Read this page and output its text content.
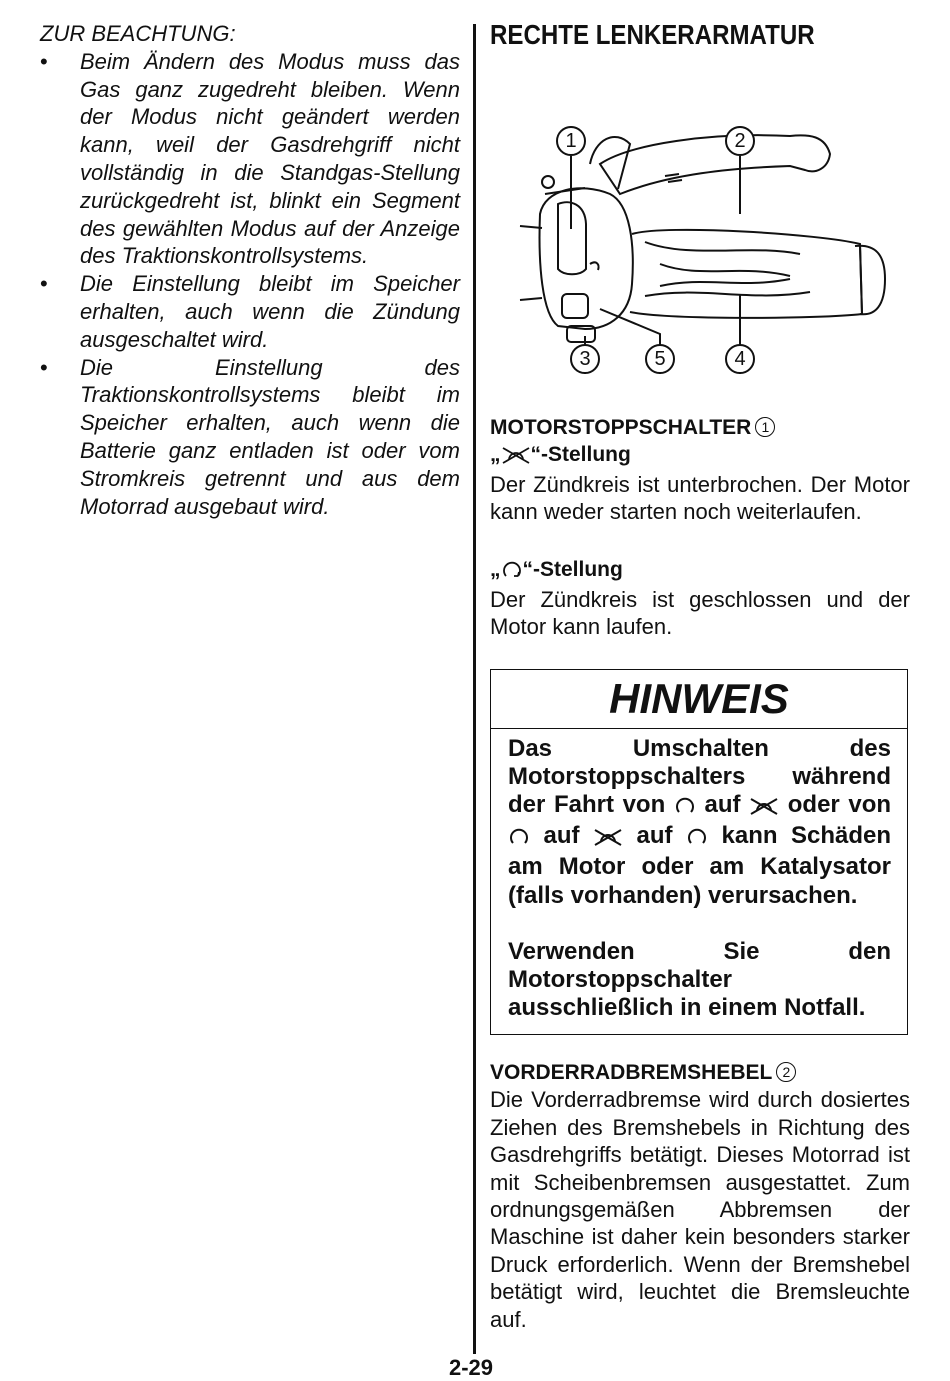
ZUR BEACHTUNG:

• Beim Ändern des Modus muss das Gas ganz zugedreht bleiben. Wenn der Modus nicht geändert werden kann, weil der Gasdrehgriff nicht vollständig in die Standgas-Stellung zurückgedreht ist, blinkt ein Segment des gewählten Modus auf der Anzeige des Traktionskontrollsystems.
• Die Einstellung bleibt im Speicher erhalten, auch wenn die Zündung ausgeschaltet wird.
• Die Einstellung des Traktionskontrollsystems bleibt im Speicher erhalten, auch wenn die Batterie ganz entladen ist oder vom Stromkreis getrennt und aus dem Motorrad ausgebaut wird.
RECHTE LENKERARMATUR
1	2
3	5	4

MOTORSTOPPSCHALTER 1

„ “-Stellung

Der Zündkreis ist unterbrochen. Der Motor kann weder starten noch weiterlaufen.

„ “-Stellung

Der Zündkreis ist geschlossen und der Motor kann laufen.

HINWEIS

Das Umschalten des Motorstoppschalters während der Fahrt von auf oder von  auf auf kann Schäden am Motor oder am Katalysator (falls vorhanden) verursachen.

Verwenden Sie den Motorstoppschalter ausschließlich in einem Notfall.

VORDERRADBREMSHEBEL 2

Die Vorderradbremse wird durch dosiertes Ziehen des Bremshebels in Richtung des Gasdrehgriffs betätigt. Dieses Motorrad ist mit Scheibenbremsen ausgestattet. Zum ordnungsgemäßen Abbremsen der Maschine ist daher kein besonders starker Druck erforderlich. Wenn der Bremshebel betätigt wird, leuchtet die Bremsleuchte auf.

2-29
